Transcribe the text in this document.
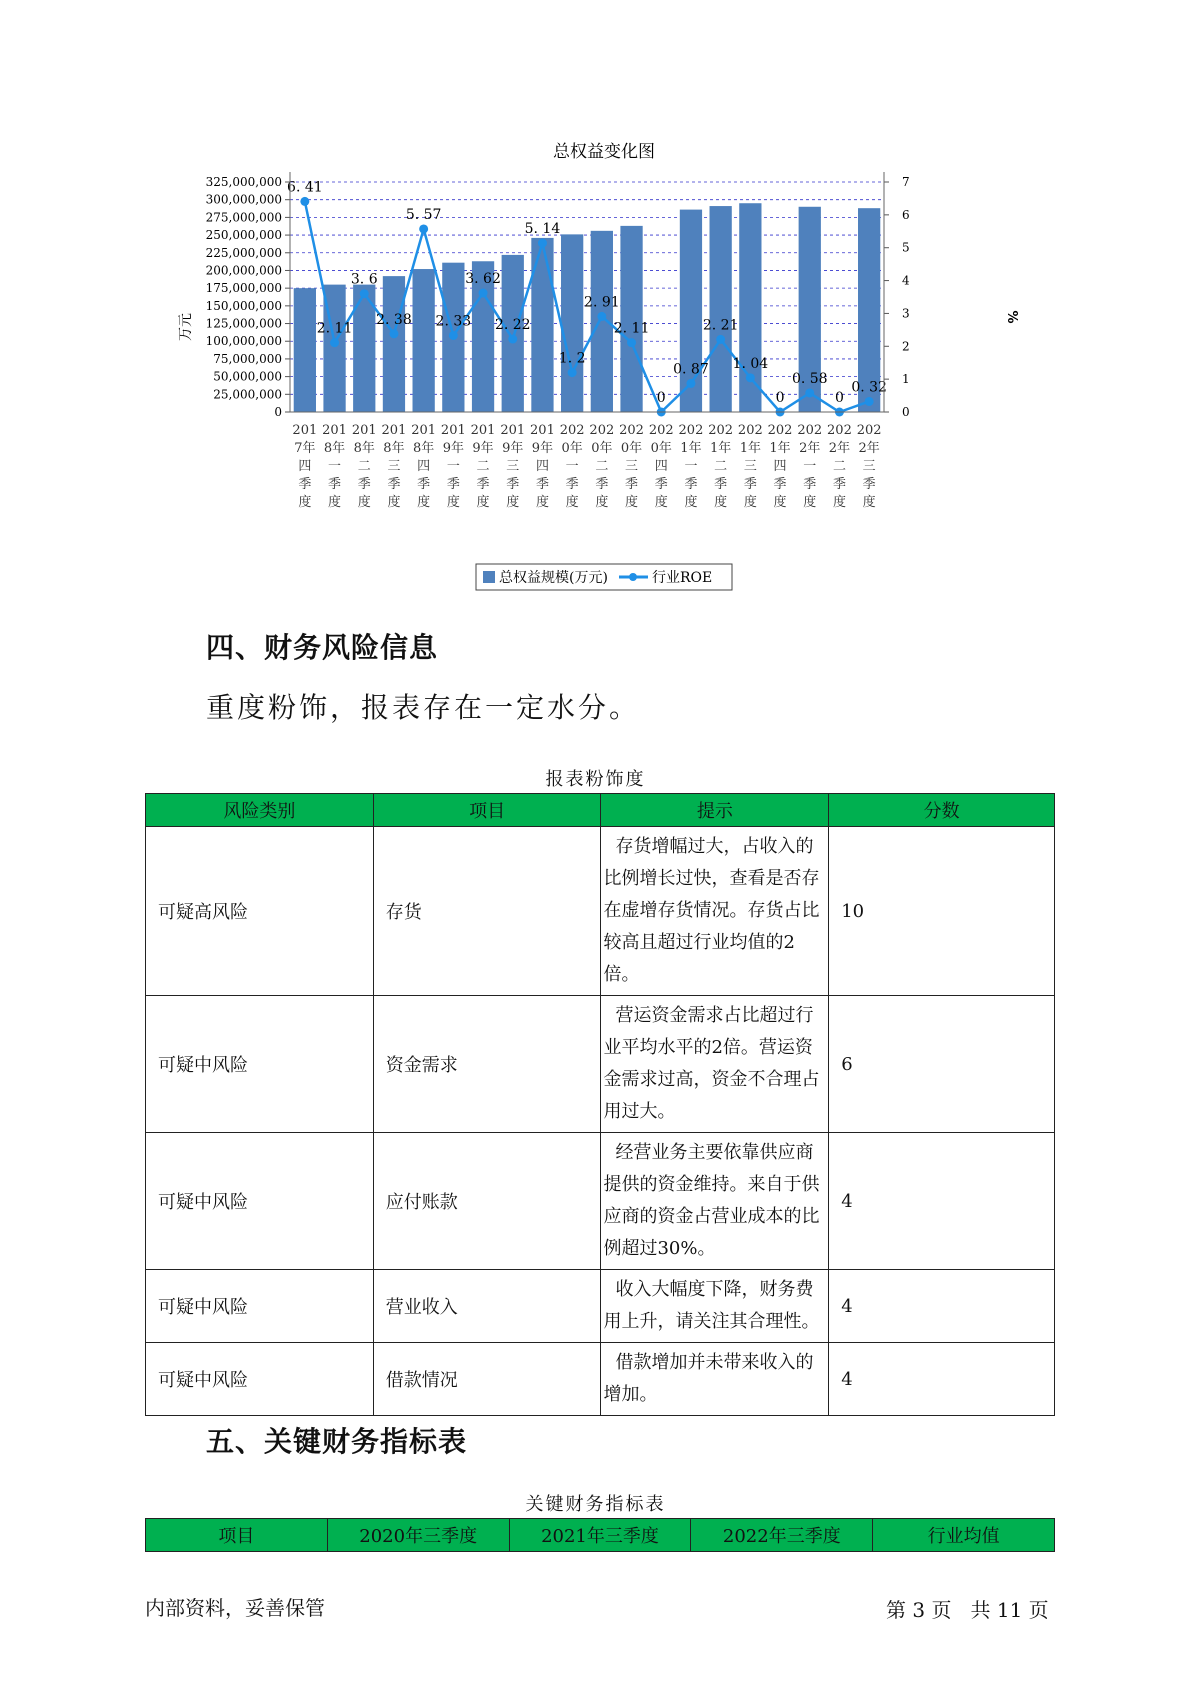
总权益变化图
6. 41
2. 11
3. 6
2. 38
5. 57
2. 33
3. 62
2. 22
5. 14
1. 2
2. 91
2. 11
0
0. 87
2. 21
1. 04
0
0. 58
0
0. 32
0
25,000,000
50,000,000
75,000,000
100,000,000
125,000,000
150,000,000
175,000,000
200,000,000
225,000,000
250,000,000
275,000,000
300,000,000
325,000,000
0
1
2
3
4
5
6
7
201
7年
四
季
度
201
8年
一
季
度
201
8年
二
季
度
201
8年
三
季
度
201
8年
四
季
度
201
9年
一
季
度
201
9年
二
季
度
201
9年
三
季
度
201
9年
四
季
度
202
0年
一
季
度
202
0年
二
季
度
202
0年
三
季
度
202
0年
四
季
度
202
1年
一
季
度
202
1年
二
季
度
202
1年
三
季
度
202
1年
四
季
度
202
2年
一
季
度
202
2年
二
季
度
202
2年
三
季
度
万元	%
总权益规模(万元)	行业ROE
四、财务风险信息
重度粉饰，报表存在一定水分。
报表粉饰度
风险类别	项目	提示	分数
可疑高风险	存货	存货增幅过大，占收入的比例增长过快，查看是否存在虚增存货情况。存货占比较高且超过行业均值的2倍。	10
可疑中风险	资金需求	营运资金需求占比超过行业平均水平的2倍。营运资金需求过高，资金不合理占用过大。	6
可疑中风险	应付账款	经营业务主要依靠供应商提供的资金维持。来自于供应商的资金占营业成本的比例超过30%。	4
可疑中风险	营业收入	收入大幅度下降，财务费用上升，请关注其合理性。	4
可疑中风险	借款情况	借款增加并未带来收入的增加。	4
五、关键财务指标表
关键财务指标表
项目	2020年三季度	2021年三季度	2022年三季度	行业均值
内部资料，妥善保管	第 3 页   共 11 页
